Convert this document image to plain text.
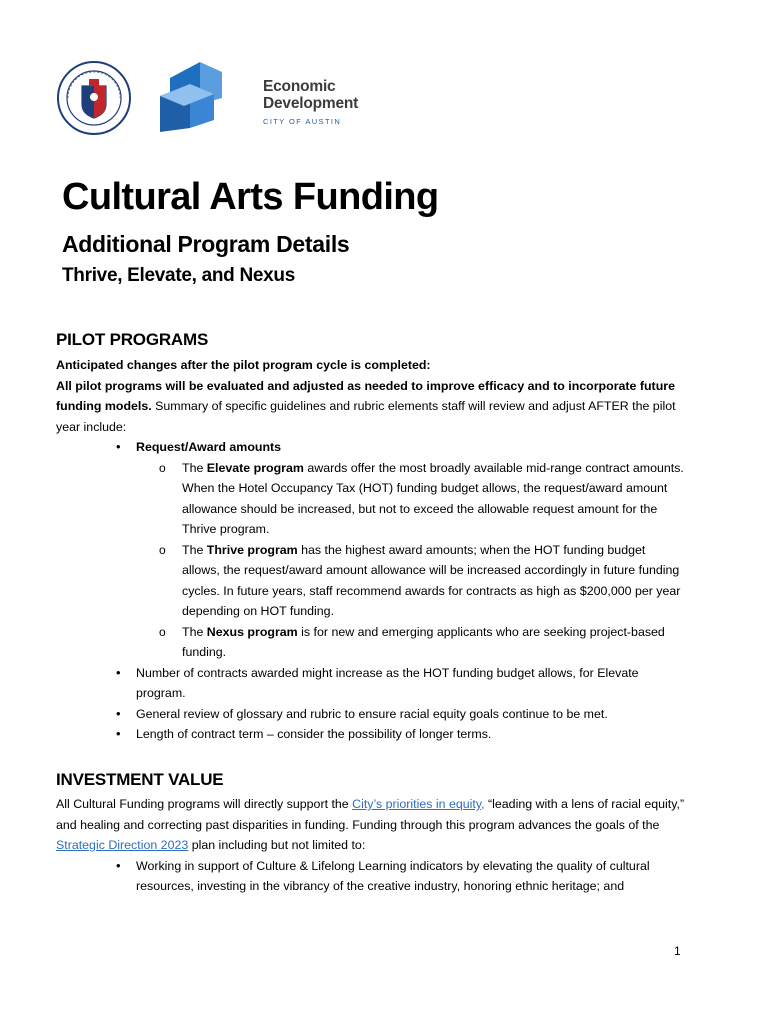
Economic
Development
CITY OF AUSTIN
Cultural Arts Funding
Additional Program Details
Thrive, Elevate, and Nexus
PILOT PROGRAMS

Anticipated changes after the pilot program cycle is completed:

All pilot programs will be evaluated and adjusted as needed to improve efficacy and to incorporate future funding models. Summary of specific guidelines and rubric elements staff will review and adjust AFTER the pilot year include:

• Request/Award amounts
o The Elevate program awards offer the most broadly available mid-range contract amounts. When the Hotel Occupancy Tax (HOT) funding budget allows, the request/award amount allowance should be increased, but not to exceed the allowable request amount for the Thrive program.
o The Thrive program has the highest award amounts; when the HOT funding budget allows, the request/award amount allowance will be increased accordingly in future funding cycles. In future years, staff recommend awards for contracts as high as $200,000 per year depending on HOT funding.
o The Nexus program is for new and emerging applicants who are seeking project-based funding.
• Number of contracts awarded might increase as the HOT funding budget allows, for Elevate program.
• General review of glossary and rubric to ensure racial equity goals continue to be met.
• Length of contract term – consider the possibility of longer terms.
INVESTMENT VALUE

All Cultural Funding programs will directly support the City’s priorities in equity, “leading with a lens of racial equity,” and healing and correcting past disparities in funding. Funding through this program advances the goals of the Strategic Direction 2023 plan including but not limited to:

• Working in support of Culture & Lifelong Learning indicators by elevating the quality of cultural resources, investing in the vibrancy of the creative industry, honoring ethnic heritage; and
1
